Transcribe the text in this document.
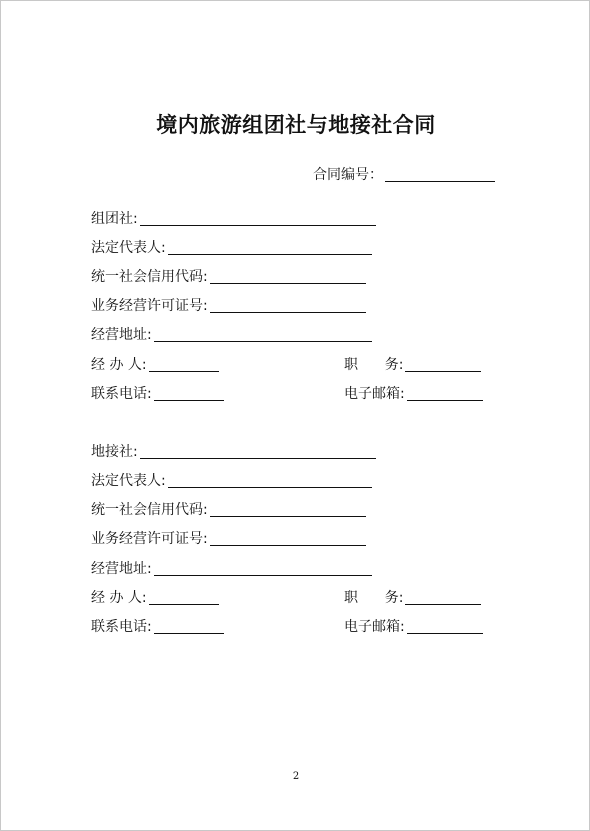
境内旅游组团社与地接社合同
合同编号：
组团社:
法定代表人:
统一社会信用代码:
业务经营许可证号:
经营地址:
经 办 人:	职      务:
联系电话:	电子邮箱:
地接社:
法定代表人:
统一社会信用代码:
业务经营许可证号:
经营地址:
经 办 人:	职      务:
联系电话:	电子邮箱:
2
